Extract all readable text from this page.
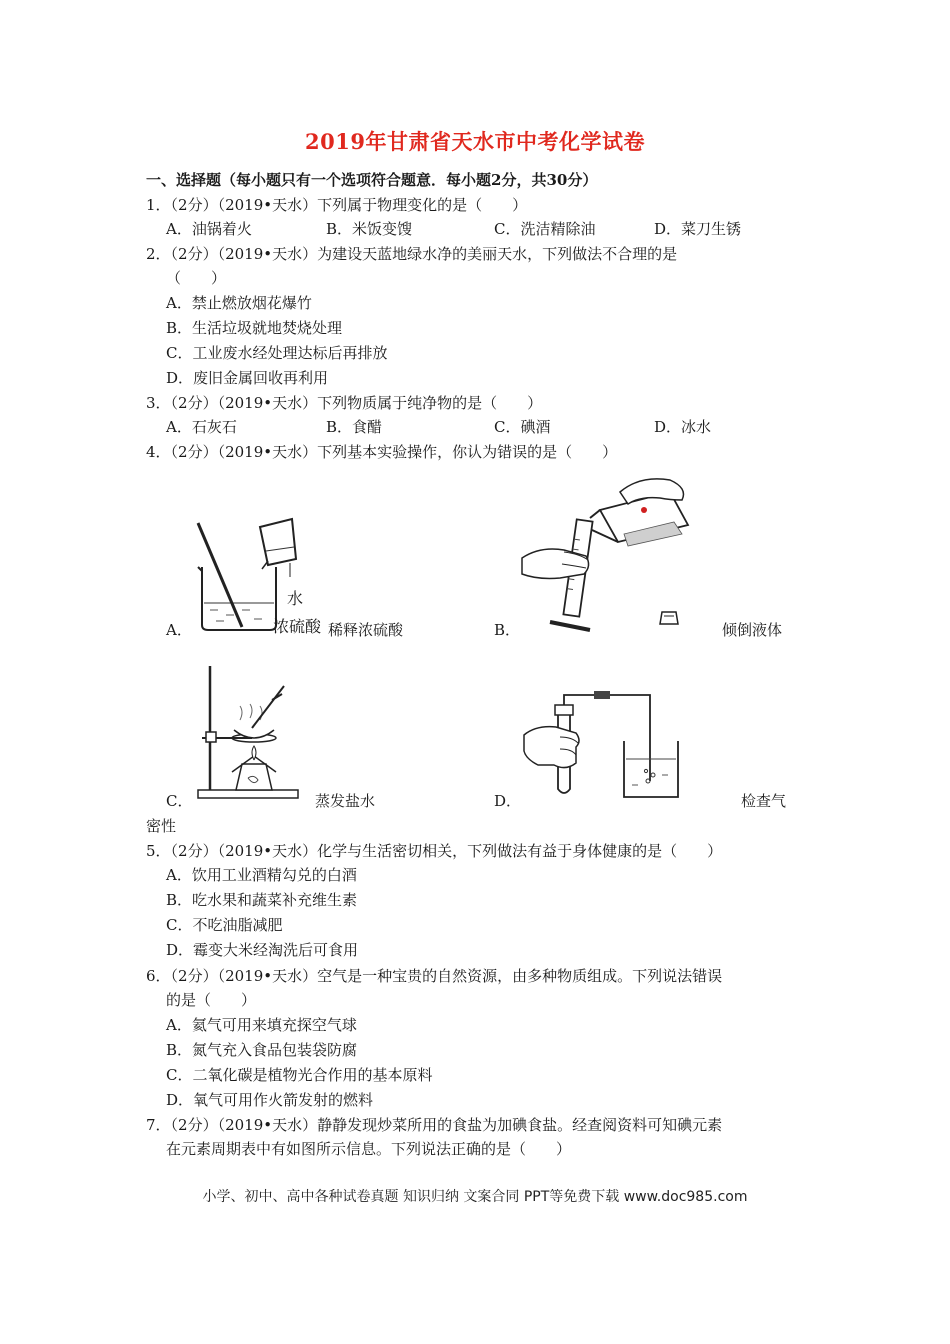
2019年甘肃省天水市中考化学试卷
一、选择题（每小题只有一个选项符合题意．每小题2分，共30分）
1．（2分）（2019•天水）下列属于物理变化的是（　　）
A．油锅着火	B．米饭变馊	C．洗洁精除油	D．菜刀生锈
2．（2分）（2019•天水）为建设天蓝地绿水净的美丽天水，下列做法不合理的是
（　　）
A．禁止燃放烟花爆竹
B．生活垃圾就地焚烧处理
C．工业废水经处理达标后再排放
D．废旧金属回收再利用
3．（2分）（2019•天水）下列物质属于纯净物的是（　　）
A．石灰石	B．食醋	C．碘酒	D．冰水
4．（2分）（2019•天水）下列基本实验操作，你认为错误的是（　　）
水
浓硫酸
A．	稀释浓硫酸	B．	倾倒液体
C．	蒸发盐水	D．	检查气
密性
5．（2分）（2019•天水）化学与生活密切相关，下列做法有益于身体健康的是（　　）
A．饮用工业酒精勾兑的白酒
B．吃水果和蔬菜补充维生素
C．不吃油脂减肥
D．霉变大米经淘洗后可食用
6．（2分）（2019•天水）空气是一种宝贵的自然资源，由多种物质组成。下列说法错误
的是（　　）
A．氦气可用来填充探空气球
B．氮气充入食品包装袋防腐
C．二氧化碳是植物光合作用的基本原料
D．氧气可用作火箭发射的燃料
7．（2分）（2019•天水）静静发现炒菜所用的食盐为加碘食盐。经查阅资料可知碘元素
在元素周期表中有如图所示信息。下列说法正确的是（　　）
小学、初中、高中各种试卷真题 知识归纳 文案合同 PPT等免费下载 www.doc985.com
